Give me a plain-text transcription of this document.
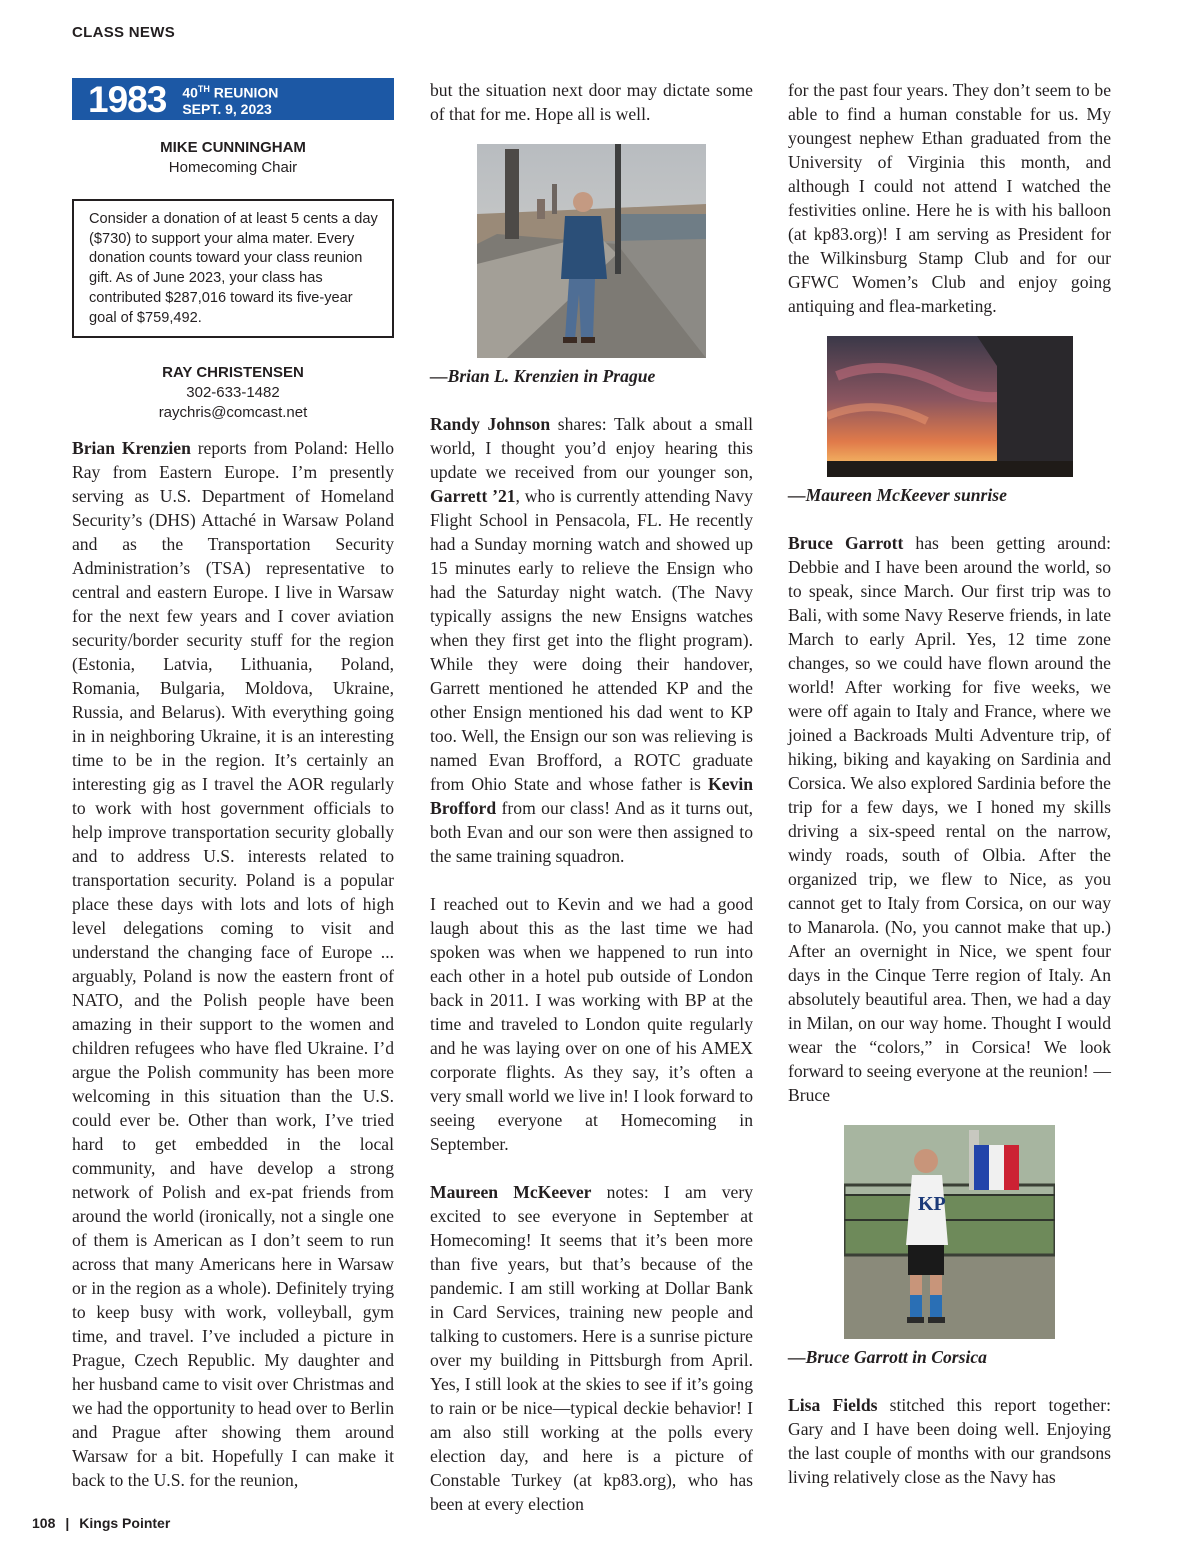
CLASS NEWS
1983 40TH REUNION
SEPT. 9, 2023
MIKE CUNNINGHAM
Homecoming Chair
Consider a donation of at least 5 cents a day ($730) to support your alma mater. Every donation counts toward your class reunion gift. As of June 2023, your class has contributed $287,016 toward its five-year goal of $759,492.
RAY CHRISTENSEN
302-633-1482
raychris@comcast.net

Brian Krenzien reports from Poland: Hello Ray from Eastern Europe. I’m presently serving as U.S. Department of Homeland Security’s (DHS) Attaché in Warsaw Poland and as the Transportation Security Administration’s (TSA) representative to central and eastern Europe. I live in Warsaw for the next few years and I cover aviation security/border security stuff for the region (Estonia, Latvia, Lithuania, Poland, Romania, Bulgaria, Moldova, Ukraine, Russia, and Belarus). With everything going in in neighboring Ukraine, it is an interesting time to be in the region. It’s certainly an interesting gig as I travel the AOR regularly to work with host government officials to help improve transportation security globally and to address U.S. interests related to transportation security. Poland is a popular place these days with lots and lots of high level delegations coming to visit and understand the changing face of Europe ... arguably, Poland is now the eastern front of NATO, and the Polish people have been amazing in their support to the women and children refugees who have fled Ukraine. I’d argue the Polish community has been more welcoming in this situation than the U.S. could ever be. Other than work, I’ve tried hard to get embedded in the local community, and have develop a strong network of Polish and ex-pat friends from around the world (ironically, not a single one of them is American as I don’t seem to run across that many Americans here in Warsaw or in the region as a whole). Definitely trying to keep busy with work, volleyball, gym time, and travel. I’ve included a picture in Prague, Czech Republic. My daughter and her husband came to visit over Christmas and we had the opportunity to head over to Berlin and Prague after showing them around Warsaw for a bit. Hopefully I can make it back to the U.S. for the reunion,

but the situation next door may dictate some of that for me. Hope all is well.

—Brian L. Krenzien in Prague

Randy Johnson shares: Talk about a small world, I thought you’d enjoy hearing this update we received from our younger son, Garrett ’21, who is currently attending Navy Flight School in Pensacola, FL. He recently had a Sunday morning watch and showed up 15 minutes early to relieve the Ensign who had the Saturday night watch. (The Navy typically assigns the new Ensigns watches when they first get into the flight program). While they were doing their handover, Garrett mentioned he attended KP and the other Ensign mentioned his dad went to KP too. Well, the Ensign our son was relieving is named Evan Brofford, a ROTC graduate from Ohio State and whose father is Kevin Brofford from our class! And as it turns out, both Evan and our son were then assigned to the same training squadron.

I reached out to Kevin and we had a good laugh about this as the last time we had spoken was when we happened to run into each other in a hotel pub outside of London back in 2011. I was working with BP at the time and traveled to London quite regularly and he was laying over on one of his AMEX corporate flights. As they say, it’s often a very small world we live in! I look forward to seeing everyone at Homecoming in September.

Maureen McKeever notes: I am very excited to see everyone in September at Homecoming! It seems that it’s been more than five years, but that’s because of the pandemic. I am still working at Dollar Bank in Card Services, training new people and talking to customers. Here is a sunrise picture over my building in Pittsburgh from April. Yes, I still look at the skies to see if it’s going to rain or be nice—typical deckie behavior! I am also still working at the polls every election day, and here is a picture of Constable Turkey (at kp83.org), who has been at every election

for the past four years. They don’t seem to be able to find a human constable for us. My youngest nephew Ethan graduated from the University of Virginia this month, and although I could not attend I watched the festivities online. Here he is with his balloon (at kp83.org)! I am serving as President for the Wilkinsburg Stamp Club and for our GFWC Women’s Club and enjoy going antiquing and flea-marketing.

—Maureen McKeever sunrise

Bruce Garrott has been getting around: Debbie and I have been around the world, so to speak, since March. Our first trip was to Bali, with some Navy Reserve friends, in late March to early April. Yes, 12 time zone changes, so we could have flown around the world! After working for five weeks, we were off again to Italy and France, where we joined a Backroads Multi Adventure trip, of hiking, biking and kayaking on Sardinia and Corsica. We also explored Sardinia before the trip for a few days, we I honed my skills driving a six-speed rental on the narrow, windy roads, south of Olbia. After the organized trip, we flew to Nice, as you cannot get to Italy from Corsica, on our way to Manarola. (No, you cannot make that up.) After an overnight in Nice, we spent four days in the Cinque Terre region of Italy. An absolutely beautiful area. Then, we had a day in Milan, on our way home. Thought I would wear the “colors,” in Corsica! We look forward to seeing everyone at the reunion! —Bruce

KP
—Bruce Garrott in Corsica

Lisa Fields stitched this report together: Gary and I have been doing well. Enjoying the last couple of months with our grandsons living relatively close as the Navy has

108 | Kings Pointer
